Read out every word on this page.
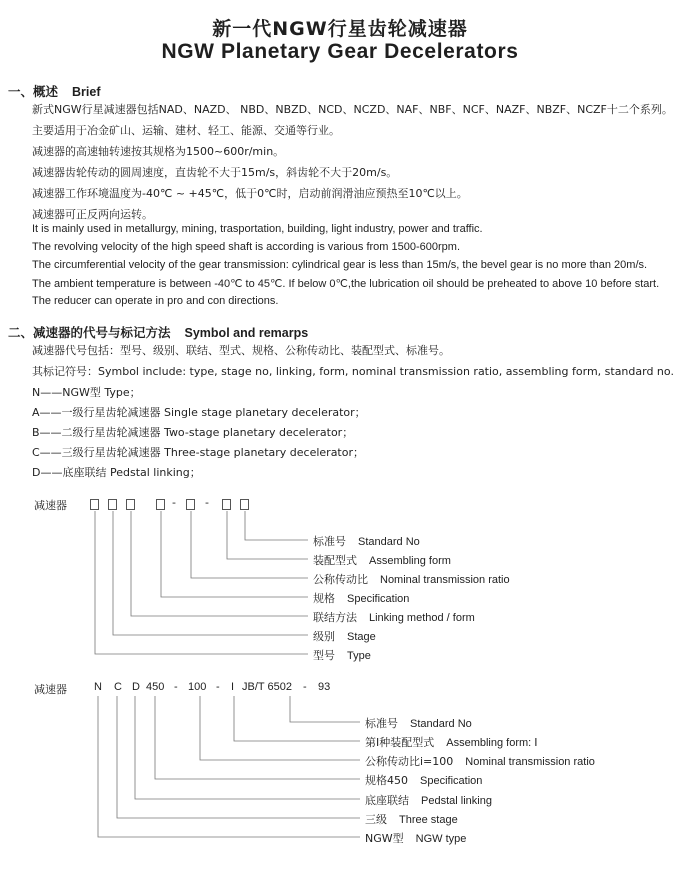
新一代NGW行星齿轮减速器
NGW Planetary Gear Decelerators
一、概述 Brief
新式NGW行星减速器包括NAD、NAZD、 NBD、NBZD、NCD、NCZD、NAF、NBF、NCF、NAZF、NBZF、NCZF十二个系列。
主要适用于冶金矿山、运输、建材、轻工、能源、交通等行业。
减速器的高速轴转速按其规格为1500~600r/min。
减速器齿轮传动的圆周速度，直齿轮不大于15m/s，斜齿轮不大于20m/s。
减速器工作环境温度为-40℃ ~ +45℃，低于0℃时，启动前润滑油应预热至10℃以上。
减速器可正反两向运转。
It is mainly used in metallurgy, mining, trasportation, building, light industry, power and traffic.
The revolving velocity of the high speed shaft is according is various from 1500-600rpm.
The circumferential velocity of the gear transmission: cylindrical gear is less than 15m/s, the bevel gear is no more than 20m/s.
The ambient temperature is between -40℃ to 45℃. If below 0℃,the lubrication oil should be preheated to above 10 before start.
The reducer can operate in pro and con directions.
二、减速器的代号与标记方法 Symbol and remarps
减速器代号包括：型号、级别、联结、型式、规格、公称传动比、装配型式、标准号。
其标记符号：Symbol include: type, stage no, linking, form, nominal transmission ratio, assembling form, standard no.
N——NGW型 Type；
A——一级行星齿轮减速器 Single stage planetary decelerator；
B——二级行星齿轮减速器 Two-stage planetary decelerator；
C——三级行星齿轮减速器 Three-stage planetary decelerator；
D——底座联结 Pedstal linking；
减速器	-	-
标准号 Standard No
装配型式 Assembling form
公称传动比 Nominal transmission ratio
规格 Specification
联结方法 Linking method / form
级别 Stage
型号 Type
减速器 N C D 450 - 100 - I JB/T 6502 - 93
标准号 Standard No
第Ⅰ种装配型式 Assembling form: Ⅰ
公称传动比i=100 Nominal transmission ratio
规格450 Specification
底座联结 Pedstal linking
三级 Three stage
NGW型 NGW type
